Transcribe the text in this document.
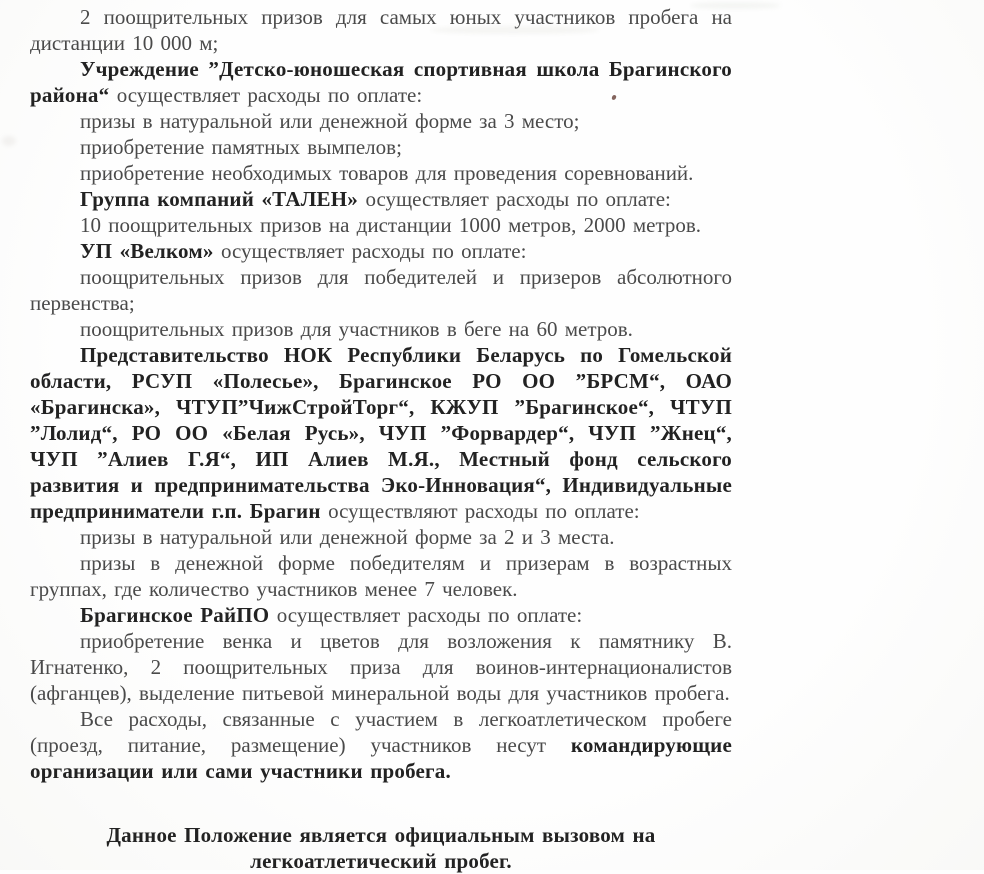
2 поощрительных призов для самых юных участников пробега на дистанции 10 000 м;

Учреждение ”Детско-юношеская спортивная школа Брагинского района“ осуществляет расходы по оплате:

призы в натуральной или денежной форме за 3 место;

приобретение памятных вымпелов;

приобретение необходимых товаров для проведения соревнований.

Группа компаний «ТАЛЕН» осуществляет расходы по оплате:

10 поощрительных призов на дистанции 1000 метров, 2000 метров.

УП «Велком» осуществляет расходы по оплате:

поощрительных призов для победителей и призеров абсолютного первенства;

поощрительных призов для участников в беге на 60 метров.

Представительство НОК Республики Беларусь по Гомельской области, РСУП «Полесье», Брагинское РО ОО ”БРСМ“, ОАО «Брагинска», ЧТУП”ЧижСтройТорг“, КЖУП ”Брагинское“, ЧТУП ”Лолид“, РО ОО «Белая Русь», ЧУП ”Форвардер“, ЧУП ”Жнец“, ЧУП ”Алиев Г.Я“, ИП Алиев М.Я., Местный фонд сельского развития и предпринимательства Эко-Инновация“, Индивидуальные предприниматели г.п. Брагин осуществляют расходы по оплате:

призы в натуральной или денежной форме за 2 и 3 места.

призы в денежной форме победителям и призерам в возрастных группах, где количество участников менее 7 человек.

Брагинское РайПО осуществляет расходы по оплате:

приобретение венка и цветов для возложения к памятнику В. Игнатенко, 2 поощрительных приза для воинов-интернационалистов (афганцев), выделение питьевой минеральной воды для участников пробега.

Все расходы, связанные с участием в легкоатлетическом пробеге (проезд, питание, размещение) участников несут командирующие организации или сами участники пробега.

Данное Положение является официальным вызовом на
легкоатлетический пробег.
